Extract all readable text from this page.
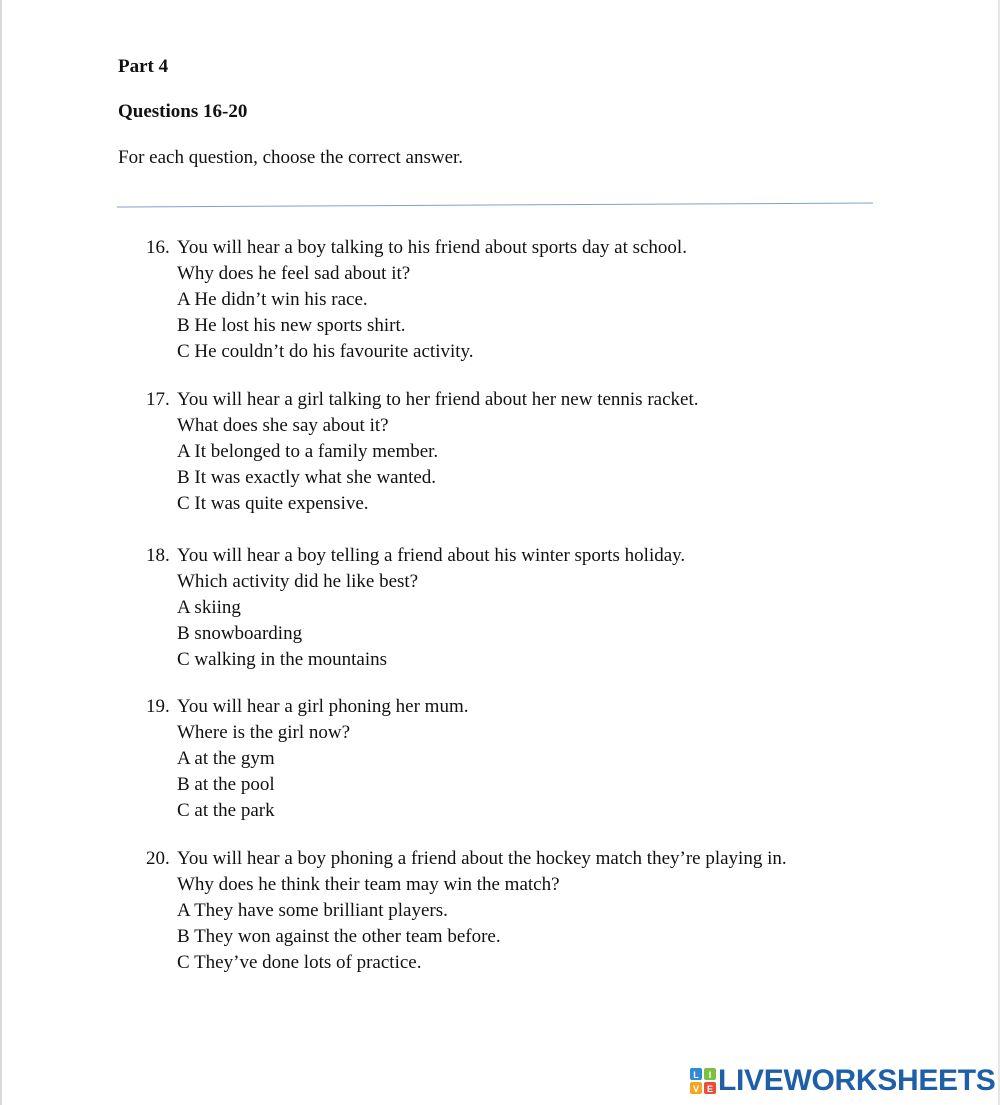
Part 4
Questions 16-20
For each question, choose the correct answer.
16. You will hear a boy talking to his friend about sports day at school.
Why does he feel sad about it?
A He didn’t win his race.
B He lost his new sports shirt.
C He couldn’t do his favourite activity.
17. You will hear a girl talking to her friend about her new tennis racket.
What does she say about it?
A It belonged to a family member.
B It was exactly what she wanted.
C It was quite expensive.
18. You will hear a boy telling a friend about his winter sports holiday.
Which activity did he like best?
A skiing
B snowboarding
C walking in the mountains
19. You will hear a girl phoning her mum.
Where is the girl now?
A at the gym
B at the pool
C at the park
20. You will hear a boy phoning a friend about the hockey match they’re playing in.
Why does he think their team may win the match?
A They have some brilliant players.
B They won against the other team before.
C They’ve done lots of practice.
L I
V E LIVEWORKSHEETS
